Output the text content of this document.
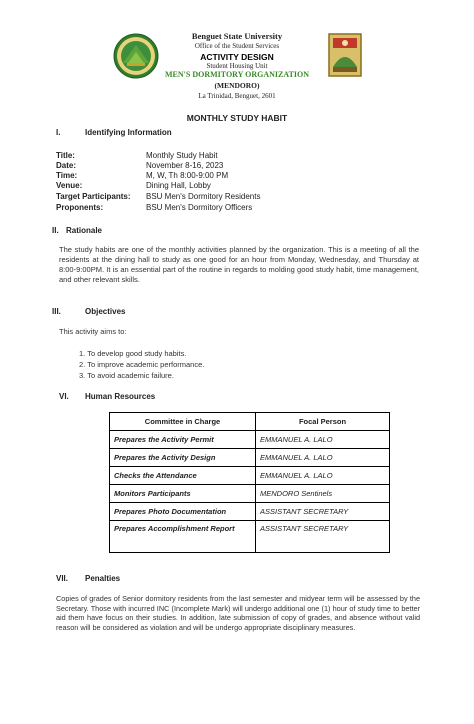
Benguet State University
Office of the Student Services
ACTIVITY DESIGN
Student Housing Unit
MEN'S DORMITORY ORGANIZATION
(MENDORO)
La Trinidad, Benguet, 2601
MONTHLY STUDY HABIT
I.	Identifying Information
Title:	Monthly Study Habit
Date:	November 8-16, 2023
Time:	M, W, Th 8:00-9:00 PM
Venue:	Dining Hall, Lobby
Target Participants: BSU Men's Dormitory Residents
Proponents:	BSU Men's Dormitory Officers
II. Rationale
The study habits are one of the monthly activities planned by the organization. This is a meeting of all the residents at the dining hall to study as one good for an hour from Monday, Wednesday, and Thursday at 8:00-9:00PM. It is an essential part of the routine in regards to molding good study habit, time management, and other relevant skills.
III.	Objectives
This activity aims to:
1. To develop good study habits.
2. To improve academic performance.
3. To avoid academic failure.
VI. Human Resources
Committee in Charge	Focal Person
Prepares the Activity Permit	EMMANUEL A. LALO
Prepares the Activity Design	EMMANUEL A. LALO
Checks the Attendance	EMMANUEL A. LALO
Monitors Participants	MENDORO Sentinels
Prepares Photo Documentation	ASSISTANT SECRETARY
Prepares Accomplishment Report	ASSISTANT SECRETARY
VII. Penalties
Copies of grades of Senior dormitory residents from the last semester and midyear term will be assessed by the Secretary. Those with incurred INC (Incomplete Mark) will undergo additional one (1) hour of study time to better aid them have focus on their studies. In addition, late submission of copy of grades, and absence without valid reason will be considered as violation and will be undergo appropriate disciplinary measures.
